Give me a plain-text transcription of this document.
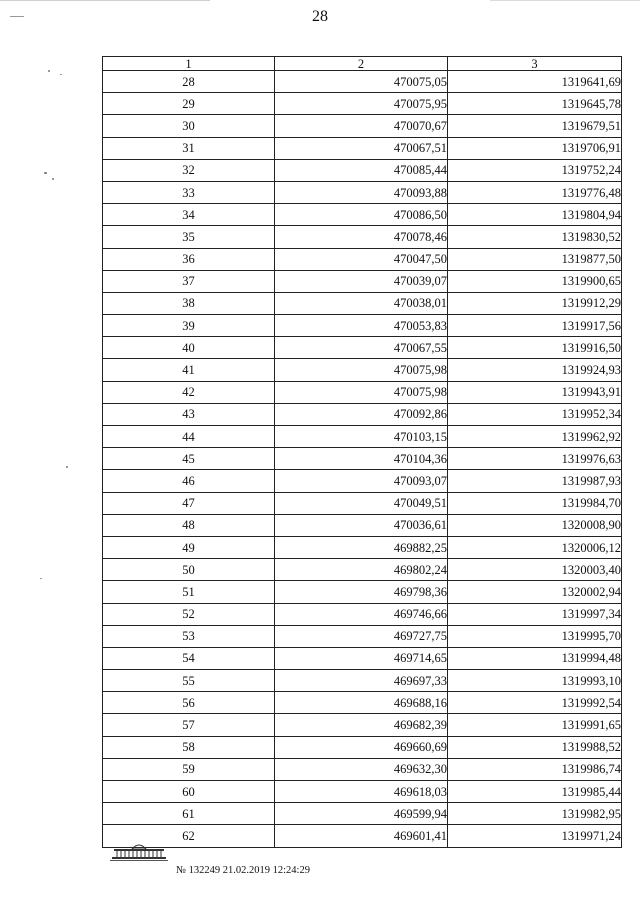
28
1	2	3
28	470075,05	1319641,69
29	470075,95	1319645,78
30	470070,67	1319679,51
31	470067,51	1319706,91
32	470085,44	1319752,24
33	470093,88	1319776,48
34	470086,50	1319804,94
35	470078,46	1319830,52
36	470047,50	1319877,50
37	470039,07	1319900,65
38	470038,01	1319912,29
39	470053,83	1319917,56
40	470067,55	1319916,50
41	470075,98	1319924,93
42	470075,98	1319943,91
43	470092,86	1319952,34
44	470103,15	1319962,92
45	470104,36	1319976,63
46	470093,07	1319987,93
47	470049,51	1319984,70
48	470036,61	1320008,90
49	469882,25	1320006,12
50	469802,24	1320003,40
51	469798,36	1320002,94
52	469746,66	1319997,34
53	469727,75	1319995,70
54	469714,65	1319994,48
55	469697,33	1319993,10
56	469688,16	1319992,54
57	469682,39	1319991,65
58	469660,69	1319988,52
59	469632,30	1319986,74
60	469618,03	1319985,44
61	469599,94	1319982,95
62	469601,41	1319971,24
№ 132249 21.02.2019 12:24:29
